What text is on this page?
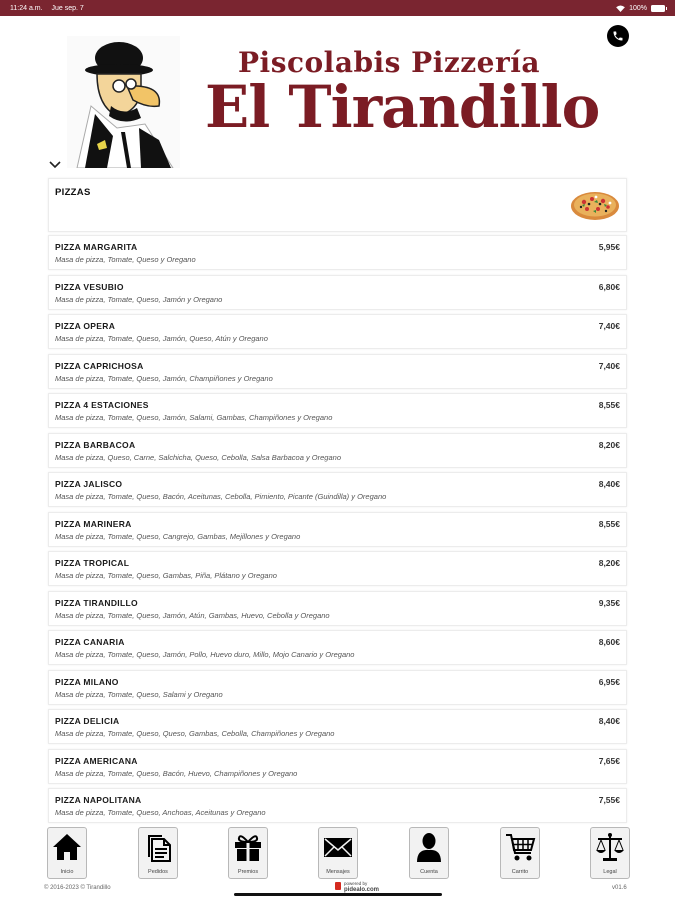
11:24 a.m. Jue sep. 7	100%
Piscolabis Pizzería
El Tirandillo
PIZZAS
PIZZA MARGARITA
Masa de pizza, Tomate, Queso y Oregano
5,95€
PIZZA VESUBIO
Masa de pizza, Tomate, Queso, Jamón y Oregano
6,80€
PIZZA OPERA
Masa de pizza, Tomate, Queso, Jamón, Queso, Atún y Oregano
7,40€
PIZZA CAPRICHOSA
Masa de pizza, Tomate, Queso, Jamón, Champiñones y Oregano
7,40€
PIZZA 4 ESTACIONES
Masa de pizza, Tomate, Queso, Jamón, Salami, Gambas, Champiñones y Oregano
8,55€
PIZZA BARBACOA
Masa de pizza, Queso, Carne, Salchicha, Queso, Cebolla, Salsa Barbacoa y Oregano
8,20€
PIZZA JALISCO
Masa de pizza, Tomate, Queso, Bacón, Aceitunas, Cebolla, Pimiento, Picante (Guindilla) y Oregano
8,40€
PIZZA MARINERA
Masa de pizza, Tomate, Queso, Cangrejo, Gambas, Mejillones y Oregano
8,55€
PIZZA TROPICAL
Masa de pizza, Tomate, Queso, Gambas, Piña, Plátano y Oregano
8,20€
PIZZA TIRANDILLO
Masa de pizza, Tomate, Queso, Jamón, Atún, Gambas, Huevo, Cebolla y Oregano
9,35€
PIZZA CANARIA
Masa de pizza, Tomate, Queso, Jamón, Pollo, Huevo duro, Millo, Mojo Canario y Oregano
8,60€
PIZZA MILANO
Masa de pizza, Tomate, Queso, Salami y Oregano
6,95€
PIZZA DELICIA
Masa de pizza, Tomate, Queso, Queso, Gambas, Cebolla, Champiñones y Oregano
8,40€
PIZZA AMERICANA
Masa de pizza, Tomate, Queso, Bacón, Huevo, Champiñones y Oregano
7,65€
PIZZA NAPOLITANA
Masa de pizza, Tomate, Queso, Anchoas, Aceitunas y Oregano
7,55€
Inicio	Pedidos	Premios	Mensajes	Cuenta	Carrito	Legal
© 2016-2023 © Tirandillo
powered by
pidealo.com	v01.6
